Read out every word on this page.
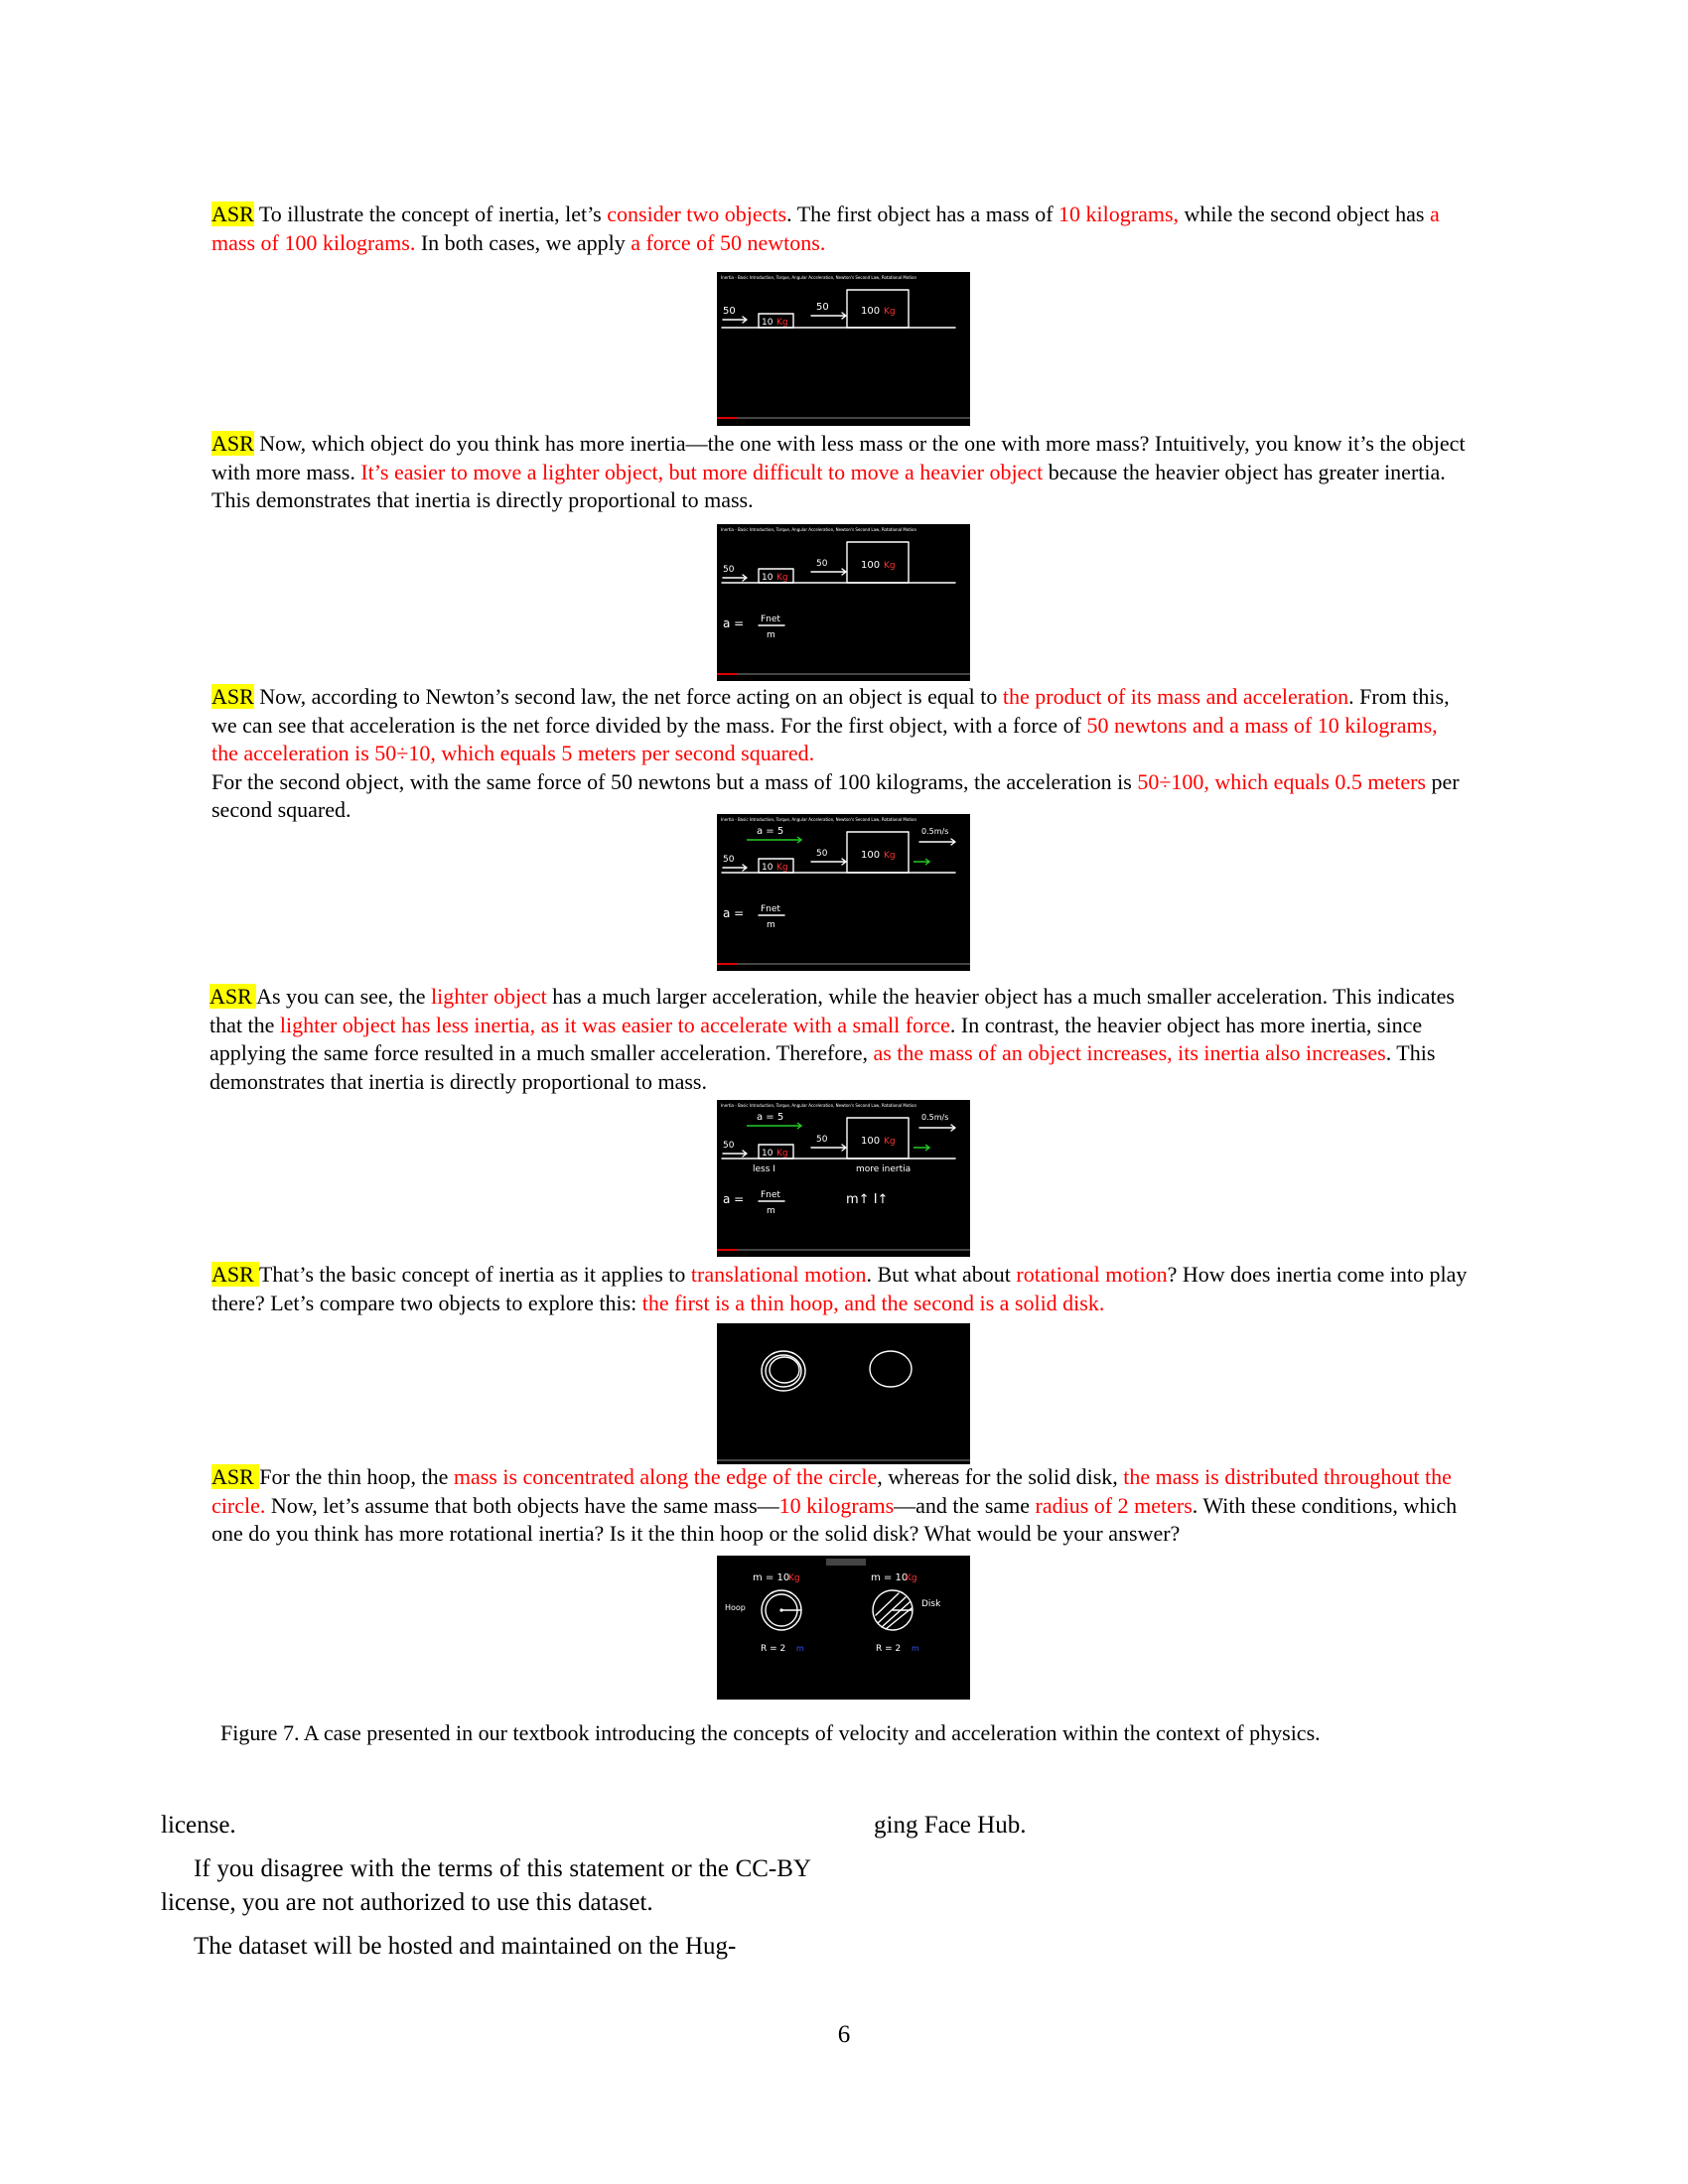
ASR To illustrate the concept of inertia, let’s consider two objects. The first object has a mass of 10 kilograms, while the second object has a mass of 100 kilograms. In both cases, we apply a force of 50 newtons.
Inertia - Basic Introduction, Torque, Angular Acceleration, Newton's Second Law, Rotational Motion
50
10 Kg
50	100 Kg
ASR Now, which object do you think has more inertia—the one with less mass or the one with more mass? Intuitively, you know it’s the object with more mass. It’s easier to move a lighter object, but more difficult to move a heavier object because the heavier object has greater inertia. This demonstrates that inertia is directly proportional to mass.
Inertia - Basic Introduction, Torque, Angular Acceleration, Newton's Second Law, Rotational Motion
50
10 Kg
50	100 Kg
a = Fnet
m
ASR Now, according to Newton’s second law, the net force acting on an object is equal to the product of its mass and acceleration. From this, we can see that acceleration is the net force divided by the mass. For the first object, with a force of 50 newtons and a mass of 10 kilograms, the acceleration is 50÷10, which equals 5 meters per second squared.
For the second object, with the same force of 50 newtons but a mass of 100 kilograms, the acceleration is 50÷100, which equals 0.5 meters per second squared.	Inertia - Basic Introduction, Torque, Angular Acceleration, Newton's Second Law, Rotational Motion
a = 5	0.5m/s
50
10 Kg
50	100 Kg
a = Fnet
m
ASR As you can see, the lighter object has a much larger acceleration, while the heavier object has a much smaller acceleration. This indicates that the lighter object has less inertia, as it was easier to accelerate with a small force. In contrast, the heavier object has more inertia, since applying the same force resulted in a much smaller acceleration. Therefore, as the mass of an object increases, its inertia also increases. This demonstrates that inertia is directly proportional to mass.
Inertia - Basic Introduction, Torque, Angular Acceleration, Newton's Second Law, Rotational Motion
a = 5	0.5m/s
50
10 Kg
50	100 Kg
less I	more inertia
a = Fnet
m
m↑ I↑
ASR That’s the basic concept of inertia as it applies to translational motion. But what about rotational motion? How does inertia come into play there? Let’s compare two objects to explore this: the first is a thin hoop, and the second is a solid disk.
ASR For the thin hoop, the mass is concentrated along the edge of the circle, whereas for the solid disk, the mass is distributed throughout the circle. Now, let’s assume that both objects have the same mass—10 kilograms—and the same radius of 2 meters. With these conditions, which one do you think has more rotational inertia? Is it the thin hoop or the solid disk? What would be your answer?
m = 10
Kg	m = 10
Kg
Hoop	Disk
R = 2 m	R = 2 m
Figure 7. A case presented in our textbook introducing the concepts of velocity and acceleration within the context of physics.

license.

If you disagree with the terms of this statement or the CC-BY license, you are not authorized to use this dataset.

The dataset will be hosted and maintained on the Hug-

ging Face Hub.

6
